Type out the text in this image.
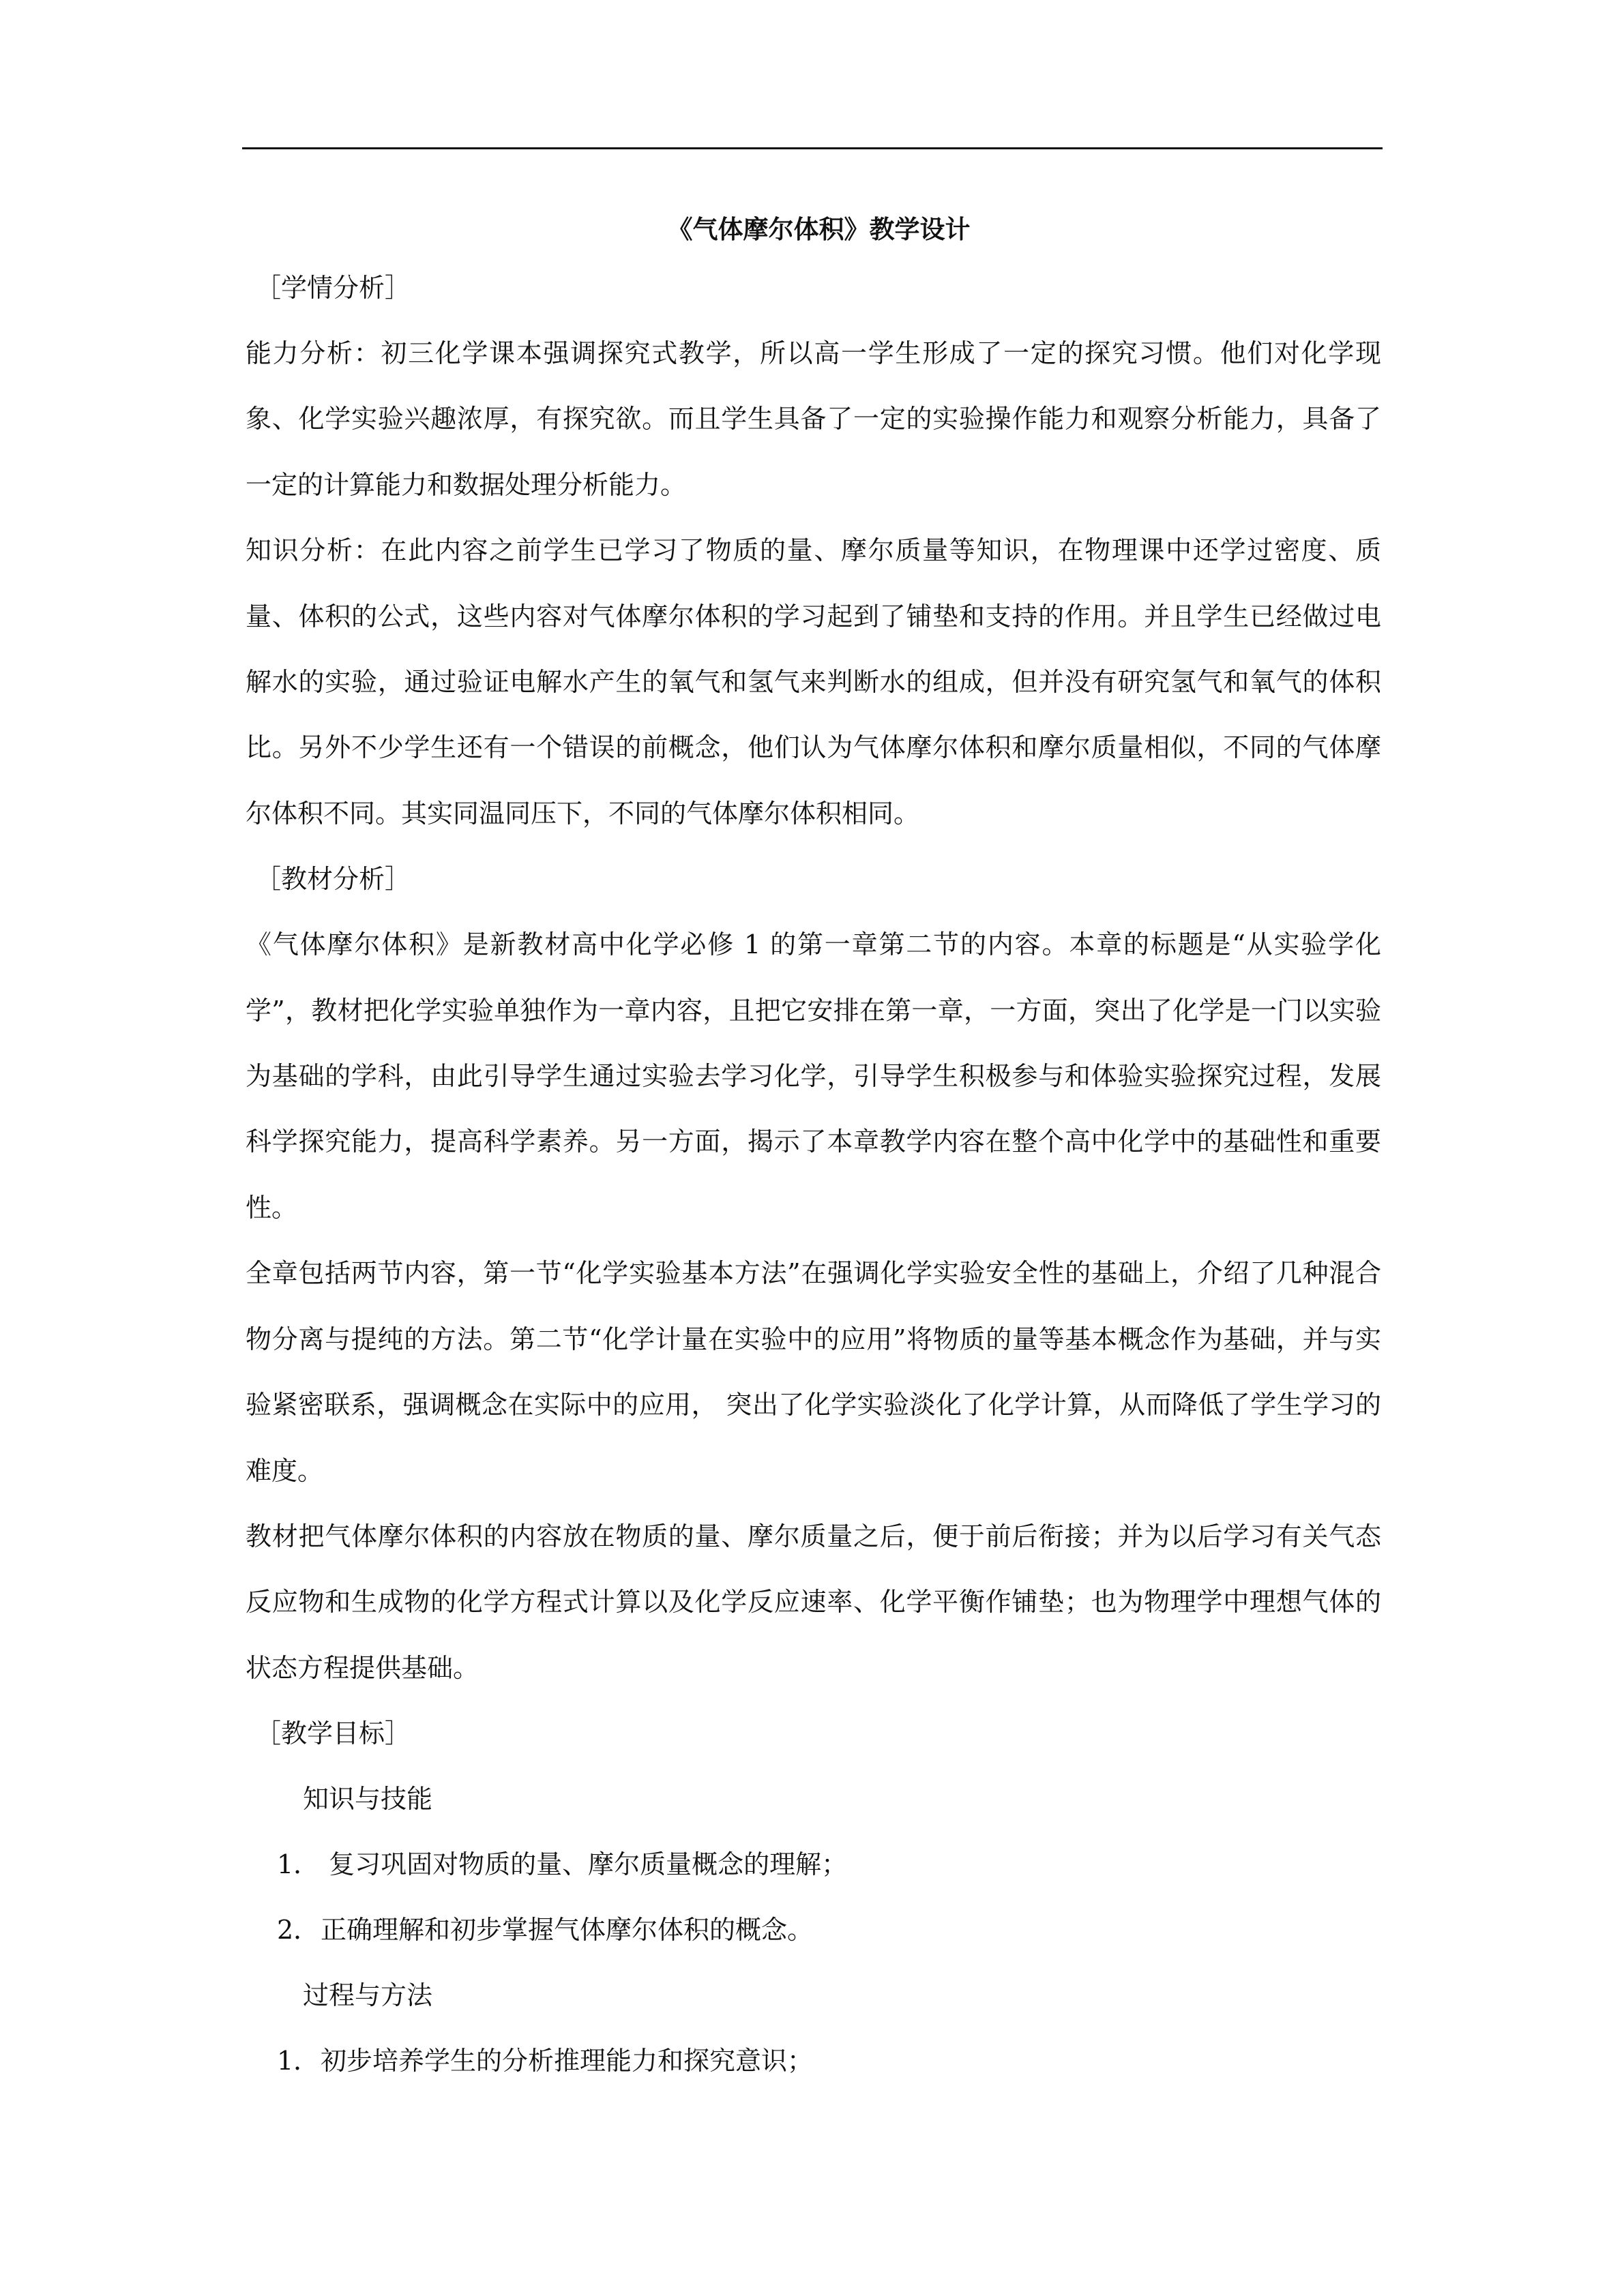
《气体摩尔体积》教学设计
［学情分析］

能力分析：初三化学课本强调探究式教学，所以高一学生形成了一定的探究习惯。他们对化学现象、化学实验兴趣浓厚，有探究欲。而且学生具备了一定的实验操作能力和观察分析能力，具备了一定的计算能力和数据处理分析能力。

知识分析：在此内容之前学生已学习了物质的量、摩尔质量等知识，在物理课中还学过密度、质量、体积的公式，这些内容对气体摩尔体积的学习起到了铺垫和支持的作用。并且学生已经做过电解水的实验，通过验证电解水产生的氧气和氢气来判断水的组成，但并没有研究氢气和氧气的体积比。另外不少学生还有一个错误的前概念，他们认为气体摩尔体积和摩尔质量相似，不同的气体摩尔体积不同。其实同温同压下，不同的气体摩尔体积相同。

［教材分析］

《气体摩尔体积》是新教材高中化学必修 1 的第一章第二节的内容。本章的标题是“从实验学化学”，教材把化学实验单独作为一章内容，且把它安排在第一章，一方面，突出了化学是一门以实验为基础的学科，由此引导学生通过实验去学习化学，引导学生积极参与和体验实验探究过程，发展科学探究能力，提高科学素养。另一方面，揭示了本章教学内容在整个高中化学中的基础性和重要性。

全章包括两节内容，第一节“化学实验基本方法”在强调化学实验安全性的基础上，介绍了几种混合物分离与提纯的方法。第二节“化学计量在实验中的应用”将物质的量等基本概念作为基础，并与实验紧密联系，强调概念在实际中的应用， 突出了化学实验淡化了化学计算，从而降低了学生学习的难度。

教材把气体摩尔体积的内容放在物质的量、摩尔质量之后，便于前后衔接；并为以后学习有关气态反应物和生成物的化学方程式计算以及化学反应速率、化学平衡作铺垫；也为物理学中理想气体的状态方程提供基础。

［教学目标］
知识与技能
1． 复习巩固对物质的量、摩尔质量概念的理解；
2．正确理解和初步掌握气体摩尔体积的概念。
过程与方法
1．初步培养学生的分析推理能力和探究意识；
